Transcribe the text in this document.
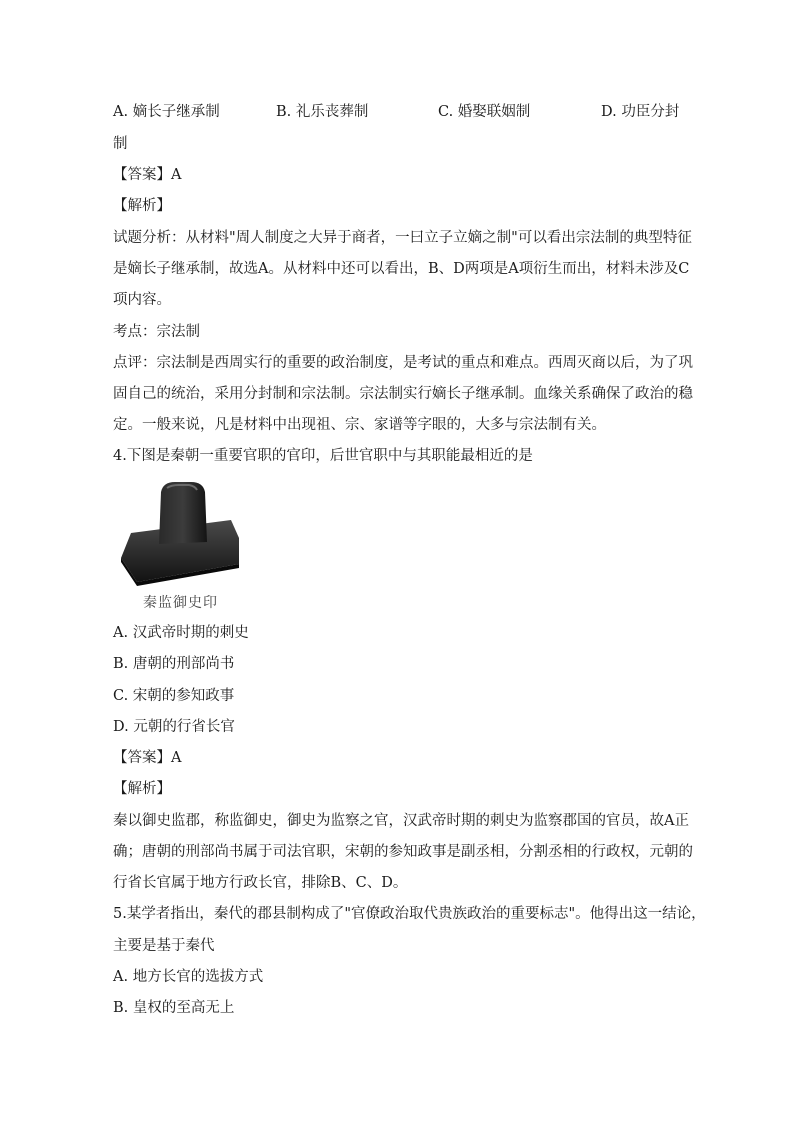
A. 嫡长子继承制	B. 礼乐丧葬制	C. 婚娶联姻制	D. 功臣分封
制
【答案】A
【解析】
试题分析：从材料"周人制度之大异于商者，一曰立子立嫡之制"可以看出宗法制的典型特征
是嫡长子继承制，故选A。从材料中还可以看出，B、D两项是A项衍生而出，材料未涉及C
项内容。
考点：宗法制
点评：宗法制是西周实行的重要的政治制度，是考试的重点和难点。西周灭商以后，为了巩
固自己的统治，采用分封制和宗法制。宗法制实行嫡长子继承制。血缘关系确保了政治的稳
定。一般来说，凡是材料中出现祖、宗、家谱等字眼的，大多与宗法制有关。
4.下图是秦朝一重要官职的官印，后世官职中与其职能最相近的是
秦监御史印
A. 汉武帝时期的刺史
B. 唐朝的刑部尚书
C. 宋朝的参知政事
D. 元朝的行省长官
【答案】A
【解析】
秦以御史监郡，称监御史，御史为监察之官，汉武帝时期的刺史为监察郡国的官员，故A正
确；唐朝的刑部尚书属于司法官职，宋朝的参知政事是副丞相，分割丞相的行政权，元朝的
行省长官属于地方行政长官，排除B、C、D。
5.某学者指出，秦代的郡县制构成了"官僚政治取代贵族政治的重要标志"。他得出这一结论，
主要是基于秦代
A. 地方长官的选拔方式
B. 皇权的至高无上
